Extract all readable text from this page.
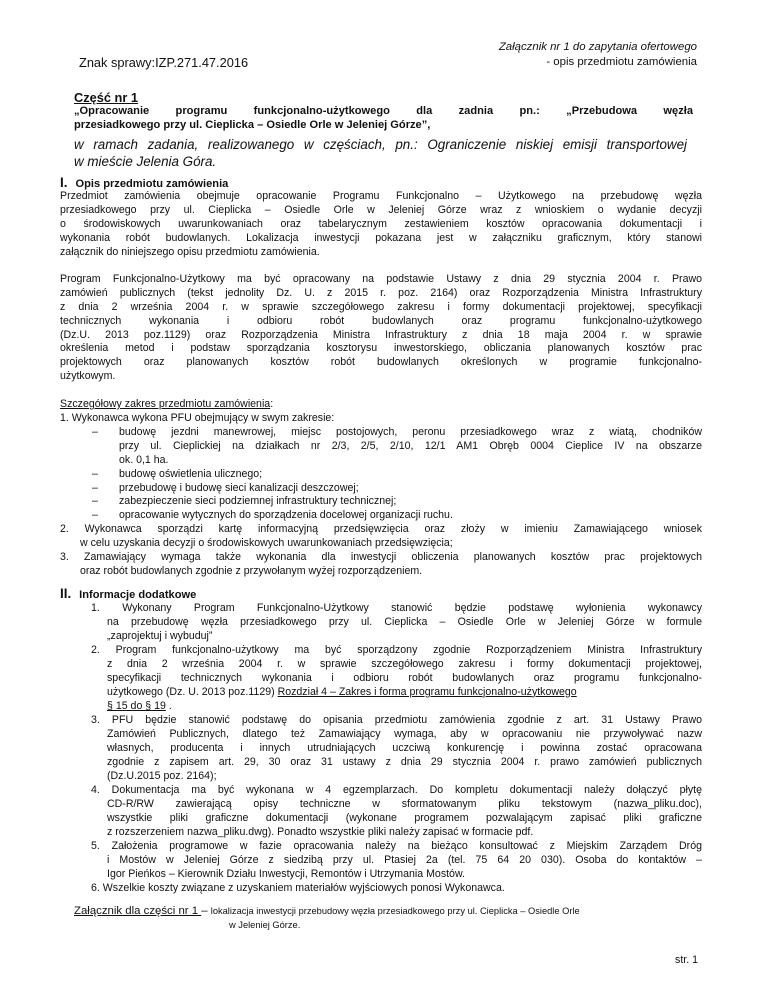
Znak sprawy:IZP.271.47.2016
Załącznik nr 1 do zapytania ofertowego
- opis przedmiotu zamówienia
Część nr 1
„Opracowanie programu funkcjonalno-użytkowego dla zadnia pn.: „Przebudowa węzła
przesiadkowego przy ul. Cieplicka – Osiedle Orle w Jeleniej Górze”,
w ramach zadania, realizowanego w częściach, pn.: Ograniczenie niskiej emisji transportowej
w mieście Jelenia Góra.
I. Opis przedmiotu zamówienia
Przedmiot zamówienia obejmuje opracowanie Programu Funkcjonalno – Użytkowego na przebudowę węzła
przesiadkowego przy ul. Cieplicka – Osiedle Orle w Jeleniej Górze wraz z wnioskiem o wydanie decyzji
o środowiskowych uwarunkowaniach oraz tabelarycznym zestawieniem kosztów opracowania dokumentacji i
wykonania robót budowlanych. Lokalizacja inwestycji pokazana jest w załączniku graficznym, który stanowi
załącznik do niniejszego opisu przedmiotu zamówienia.
Program Funkcjonalno-Użytkowy ma być opracowany na podstawie Ustawy z dnia 29 stycznia 2004 r. Prawo
zamówień publicznych (tekst jednolity Dz. U. z 2015 r. poz. 2164) oraz Rozporządzenia Ministra Infrastruktury
z dnia 2 września 2004 r. w sprawie szczegółowego zakresu i formy dokumentacji projektowej, specyfikacji
technicznych wykonania i odbioru robót budowlanych oraz programu funkcjonalno-użytkowego
(Dz.U. 2013 poz.1129) oraz Rozporządzenia Ministra Infrastruktury z dnia 18 maja 2004 r. w sprawie
określenia metod i podstaw sporządzania kosztorysu inwestorskiego, obliczania planowanych kosztów prac
projektowych oraz planowanych kosztów robót budowlanych określonych w programie funkcjonalno-
użytkowym.
Szczegółowy zakres przedmiotu zamówienia:
1. Wykonawca wykona PFU obejmujący w swym zakresie:
– budowę jezdni manewrowej, miejsc postojowych, peronu przesiadkowego wraz z wiatą, chodników
przy ul. Cieplickiej na działkach nr 2/3, 2/5, 2/10, 12/1 AM1 Obręb 0004 Cieplice IV na obszarze
ok. 0,1 ha.
– budowę oświetlenia ulicznego;
– przebudowę i budowę sieci kanalizacji deszczowej;
– zabezpieczenie sieci podziemnej infrastruktury technicznej;
– opracowanie wytycznych do sporządzenia docelowej organizacji ruchu.
2. Wykonawca sporządzi kartę informacyjną przedsięwzięcia oraz złoży w imieniu Zamawiającego wniosek
w celu uzyskania decyzji o środowiskowych uwarunkowaniach przedsięwzięcia;
3. Zamawiający wymaga także wykonania dla inwestycji obliczenia planowanych kosztów prac projektowych
oraz robót budowlanych zgodnie z przywołanym wyżej rozporządzeniem.
II. Informacje dodatkowe
1. Wykonany Program Funkcjonalno-Użytkowy stanowić będzie podstawę wyłonienia wykonawcy
na przebudowę węzła przesiadkowego przy ul. Cieplicka – Osiedle Orle w Jeleniej Górze w formule
„zaprojektuj i wybuduj”
2. Program funkcjonalno-użytkowy ma być sporządzony zgodnie Rozporządzeniem Ministra Infrastruktury
z dnia 2 września 2004 r. w sprawie szczegółowego zakresu i formy dokumentacji projektowej,
specyfikacji technicznych wykonania i odbioru robót budowlanych oraz programu funkcjonalno-
użytkowego (Dz. U. 2013 poz.1129) Rozdział 4 – Zakres i forma programu funkcjonalno-użytkowego
§ 15 do § 19 .
3. PFU będzie stanowić podstawę do opisania przedmiotu zamówienia zgodnie z art. 31 Ustawy Prawo
Zamówień Publicznych, dlatego też Zamawiający wymaga, aby w opracowaniu nie przywoływać nazw
własnych, producenta i innych utrudniających uczciwą konkurencję i powinna zostać opracowana
zgodnie z zapisem art. 29, 30 oraz 31 ustawy z dnia 29 stycznia 2004 r. prawo zamówień publicznych
(Dz.U.2015 poz. 2164);
4. Dokumentacja ma być wykonana w 4 egzemplarzach. Do kompletu dokumentacji należy dołączyć płytę
CD-R/RW zawierającą opisy techniczne w sformatowanym pliku tekstowym (nazwa_pliku.doc),
wszystkie pliki graficzne dokumentacji (wykonane programem pozwalającym zapisać pliki graficzne
z rozszerzeniem nazwa_pliku.dwg). Ponadto wszystkie pliki należy zapisać w formacie pdf.
5. Założenia programowe w fazie opracowania należy na bieżąco konsultować z Miejskim Zarządem Dróg
i Mostów w Jeleniej Górze z siedzibą przy ul. Ptasiej 2a (tel. 75 64 20 030). Osoba do kontaktów –
Igor Pieńkos – Kierownik Działu Inwestycji, Remontów i Utrzymania Mostów.
6. Wszelkie koszty związane z uzyskaniem materiałów wyjściowych ponosi Wykonawca.
Załącznik dla części nr 1 – lokalizacja inwestycji przebudowy węzła przesiadkowego przy ul. Cieplicka – Osiedle Orle
w Jeleniej Górze.
str. 1
